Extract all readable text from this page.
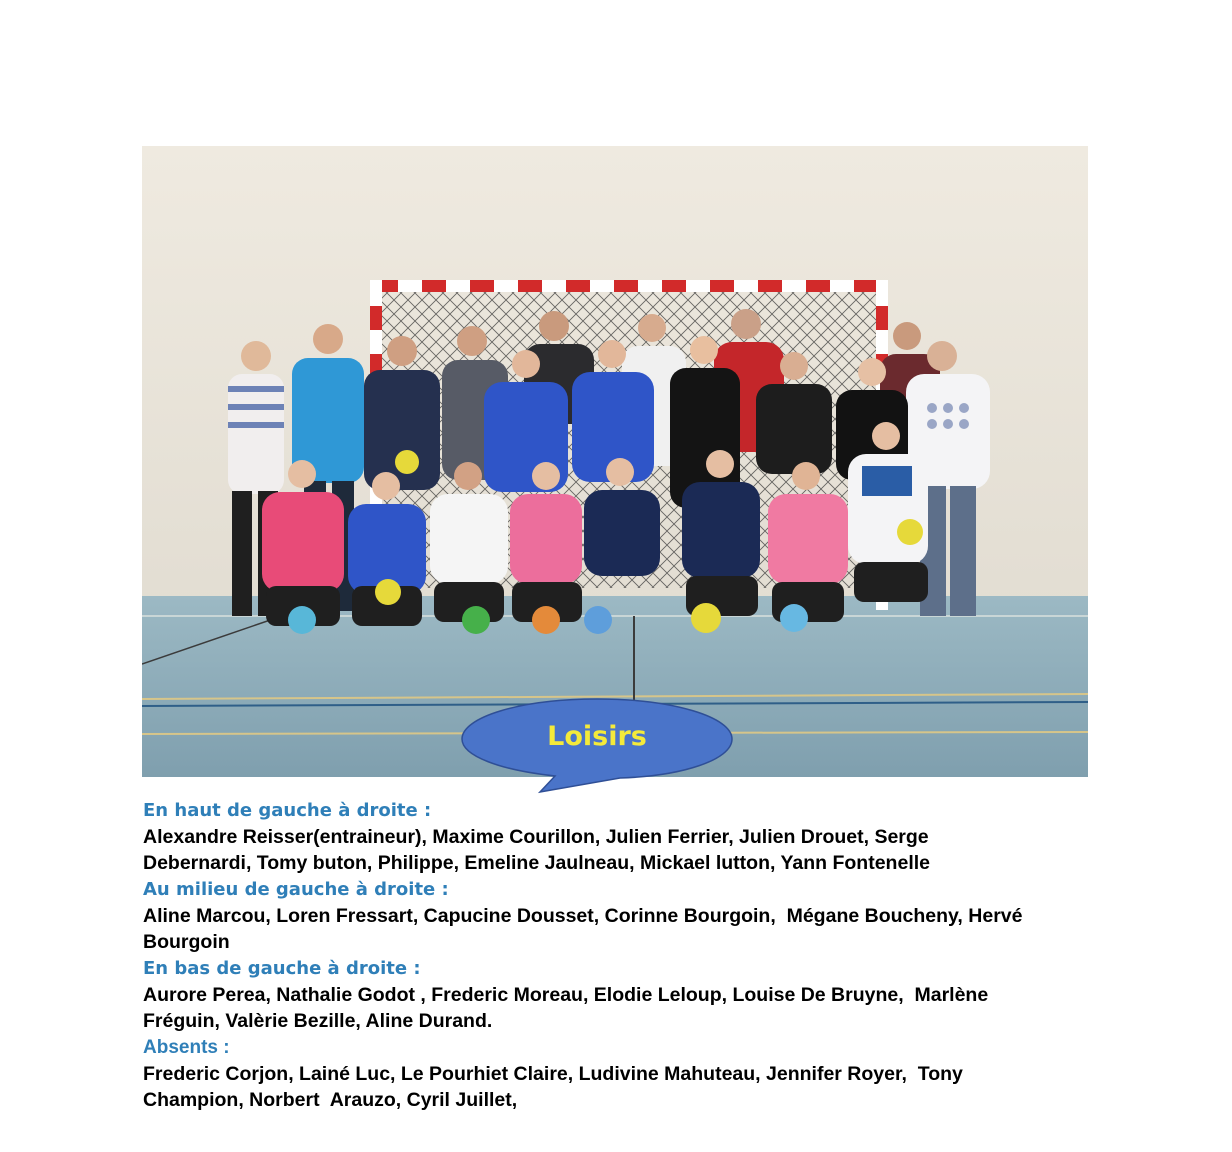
Loisirs
En haut de gauche à droite :
Alexandre Reisser(entraineur), Maxime Courillon, Julien Ferrier, Julien Drouet, Serge
Debernardi, Tomy buton, Philippe, Emeline Jaulneau, Mickael lutton, Yann Fontenelle
Au milieu de gauche à droite :
Aline Marcou, Loren Fressart, Capucine Dousset, Corinne Bourgoin,  Mégane Boucheny, Hervé
Bourgoin
En bas de gauche à droite :
Aurore Perea, Nathalie Godot , Frederic Moreau, Elodie Leloup, Louise De Bruyne,  Marlène
Fréguin, Valèrie Bezille, Aline Durand.
Absents :
Frederic Corjon, Lainé Luc, Le Pourhiet Claire, Ludivine Mahuteau, Jennifer Royer,  Tony
Champion, Norbert  Arauzo, Cyril Juillet,
